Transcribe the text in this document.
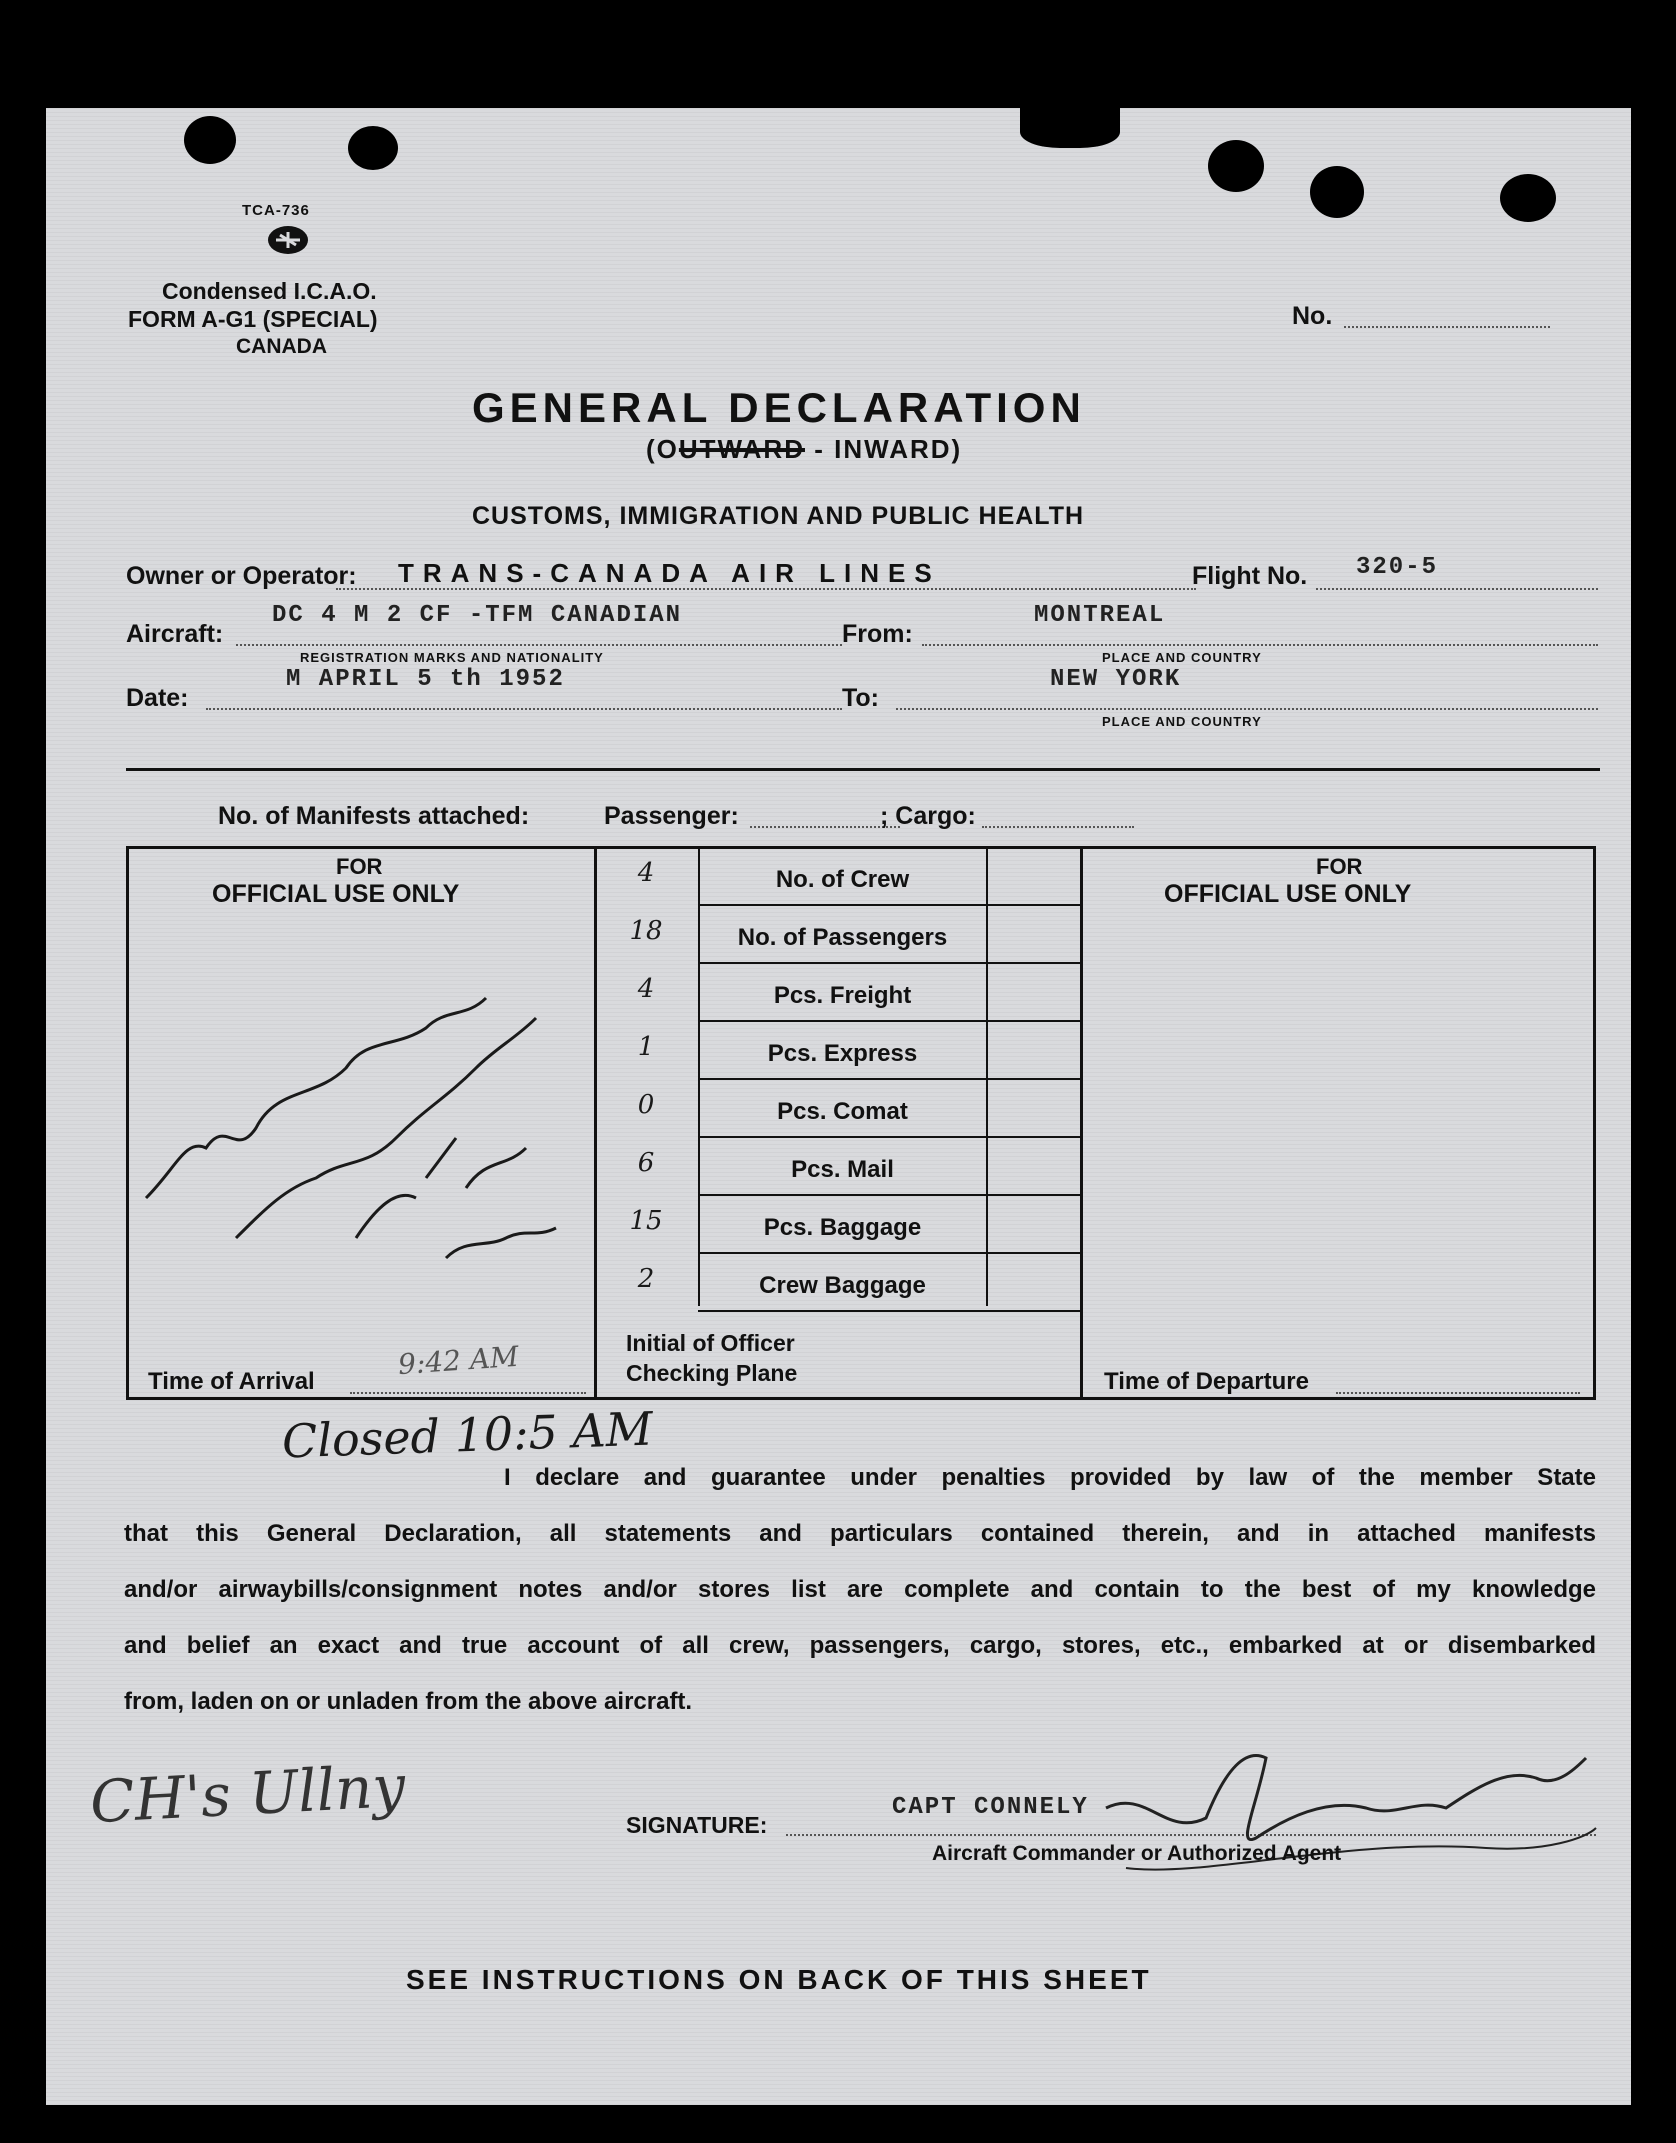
TCA-736
Condensed I.C.A.O.
FORM A-G1 (SPECIAL)
CANADA
No.
GENERAL DECLARATION
(OUTWARD - INWARD)
CUSTOMS, IMMIGRATION AND PUBLIC HEALTH
Owner or Operator: TRANS-CANADA AIR LINES	Flight No. 320-5
Aircraft:
DC 4 M 2 CF -TFM CANADIAN
REGISTRATION MARKS AND NATIONALITY
From:
MONTREAL
PLACE AND COUNTRY
Date:
M APRIL 5 th 1952
To:
NEW YORK
PLACE AND COUNTRY
No. of Manifests attached:	Passenger:	; Cargo:
FOR
OFFICIAL USE ONLY
FOR
OFFICIAL USE ONLY
Initial of Officer
Checking Plane
Time of Arrival	Time of Departure
9:42 AM
Closed 10:5 AM
CH's Ullny	SIGNATURE:
CAPT CONNELY
Aircraft Commander or Authorized Agent
SEE INSTRUCTIONS ON BACK OF THIS SHEET
4	No. of Crew
18	No. of Passengers
4	Pcs. Freight
1	Pcs. Express
0	Pcs. Comat
6	Pcs. Mail
15	Pcs. Baggage
2	Crew Baggage
I declare and guarantee under penalties provided by law of the member State
that this General Declaration, all statements and particulars contained therein, and in attached manifests
and/or airwaybills/consignment notes and/or stores list are complete and contain to the best of my knowledge
and belief an exact and true account of all crew, passengers, cargo, stores, etc., embarked at or disembarked
from, laden on or unladen from the above aircraft.
